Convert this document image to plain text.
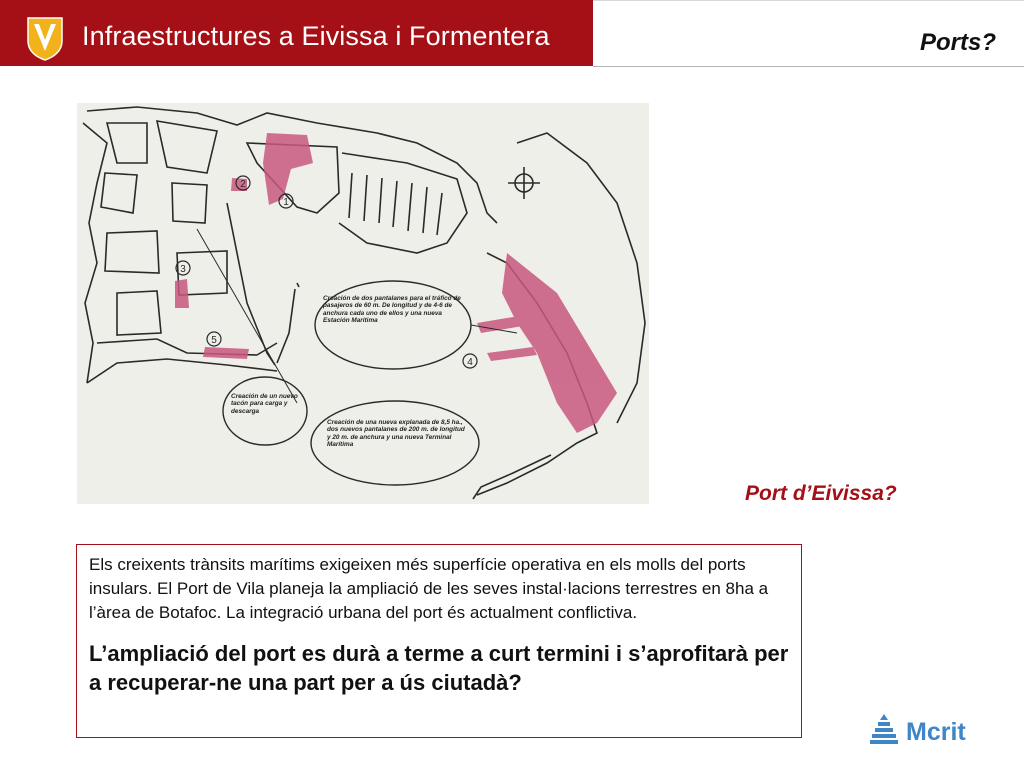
Infraestructures a Eivissa i Formentera	Ports?
1
2
3
4
5
Creación de dos pantalanes para el tráfico de pasajeros de 60 m. De longitud y de 4-6 de anchura cada uno de ellos y una nueva Estación Marítima
Creación de un nuevo tacón para carga y descarga
Creación de una nueva explanada de 8,5 ha., dos nuevos pantalanes de 200 m. de longitud y 20 m. de anchura y una nueva Terminal Marítima
Port d’Eivissa?

Els creixents trànsits marítims exigeixen més superfície operativa en els molls del ports insulars. El Port de Vila planeja la ampliació de les seves instal·lacions terrestres en 8ha a l’àrea de Botafoc. La integració urbana del port és actualment conflictiva.

L’ampliació del port es durà a terme a curt termini i s’aprofitarà per a recuperar-ne una part per a ús ciutadà?

Mcrit
